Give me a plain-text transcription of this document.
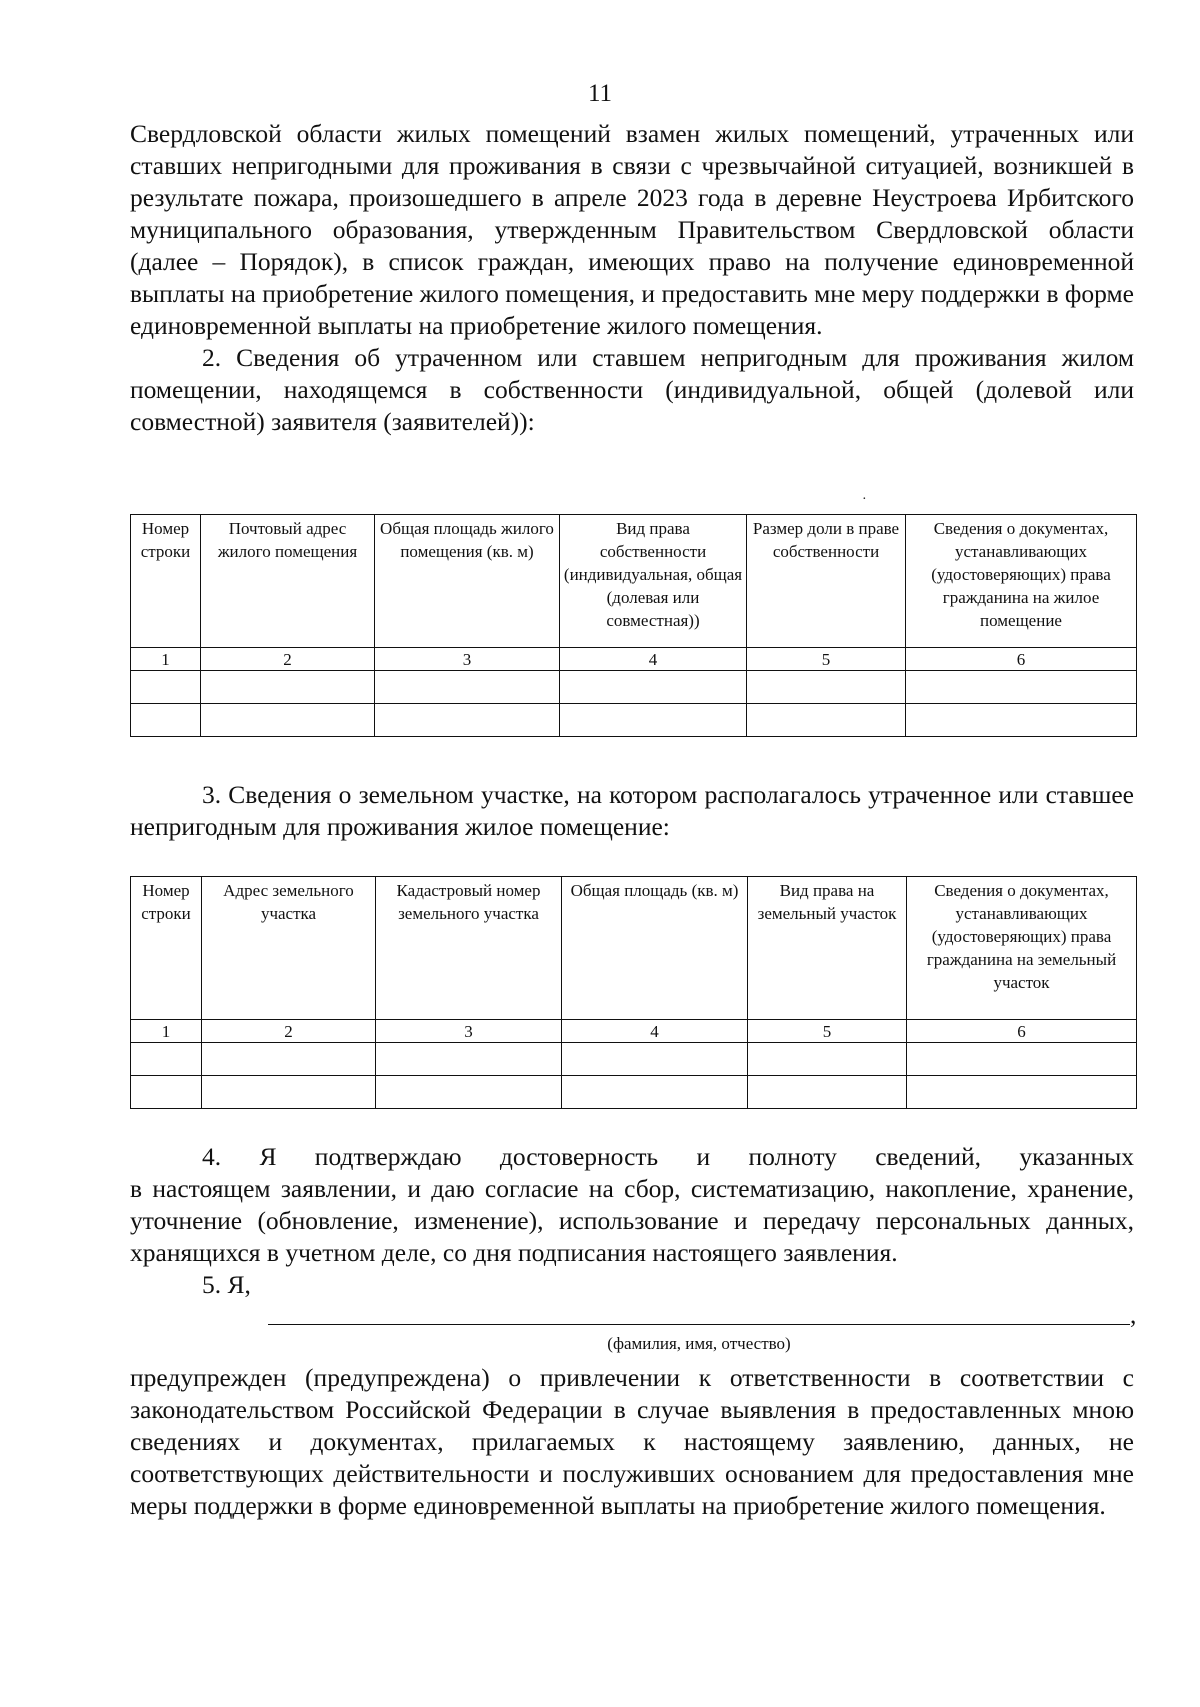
11

Свердловской области жилых помещений взамен жилых помещений, утраченных или ставших непригодными для проживания в связи с чрезвычайной ситуацией, возникшей в результате пожара, произошедшего в апреле 2023 года в деревне Неустроева Ирбитского муниципального образования, утвержденным Правительством Свердловской области (далее – Порядок), в список граждан, имеющих право на получение единовременной выплаты на приобретение жилого помещения, и предоставить мне меру поддержки в форме единовременной выплаты на приобретение жилого помещения.

2. Сведения об утраченном или ставшем непригодным для проживания жилом помещении, находящемся в собственности (индивидуальной, общей (долевой или совместной) заявителя (заявителей)):

·
Номер строки	Почтовый адрес жилого помещения	Общая площадь жилого помещения (кв. м)	Вид права собственности (индивидуальная, общая (долевая или совместная))	Размер доли в праве собственности	Сведения о документах, устанавливающих (удостоверяющих) права гражданина на жилое помещение
1	2	3	4	5	6

3. Сведения о земельном участке, на котором располагалось утраченное или ставшее непригодным для проживания жилое помещение:

Номер строки	Адрес земельного участка	Кадастровый номер земельного участка	Общая площадь (кв. м)	Вид права на земельный участок	Сведения о документах, устанавливающих (удостоверяющих) права гражданина на земельный участок
1	2	3	4	5	6

4. Я подтверждаю достоверность и полноту сведений, указанных

в настоящем заявлении, и даю согласие на сбор, систематизацию, накопление, хранение, уточнение (обновление, изменение), использование и передачу персональных данных, хранящихся в учетном деле, со дня подписания настоящего заявления.

5. Я,

,
(фамилия, имя, отчество)

предупрежден (предупреждена) о привлечении к ответственности в соответствии с законодательством Российской Федерации в случае выявления в предоставленных мною сведениях и документах, прилагаемых к настоящему заявлению, данных, не соответствующих действительности и послуживших основанием для предоставления мне меры поддержки в форме единовременной выплаты на приобретение жилого помещения.
